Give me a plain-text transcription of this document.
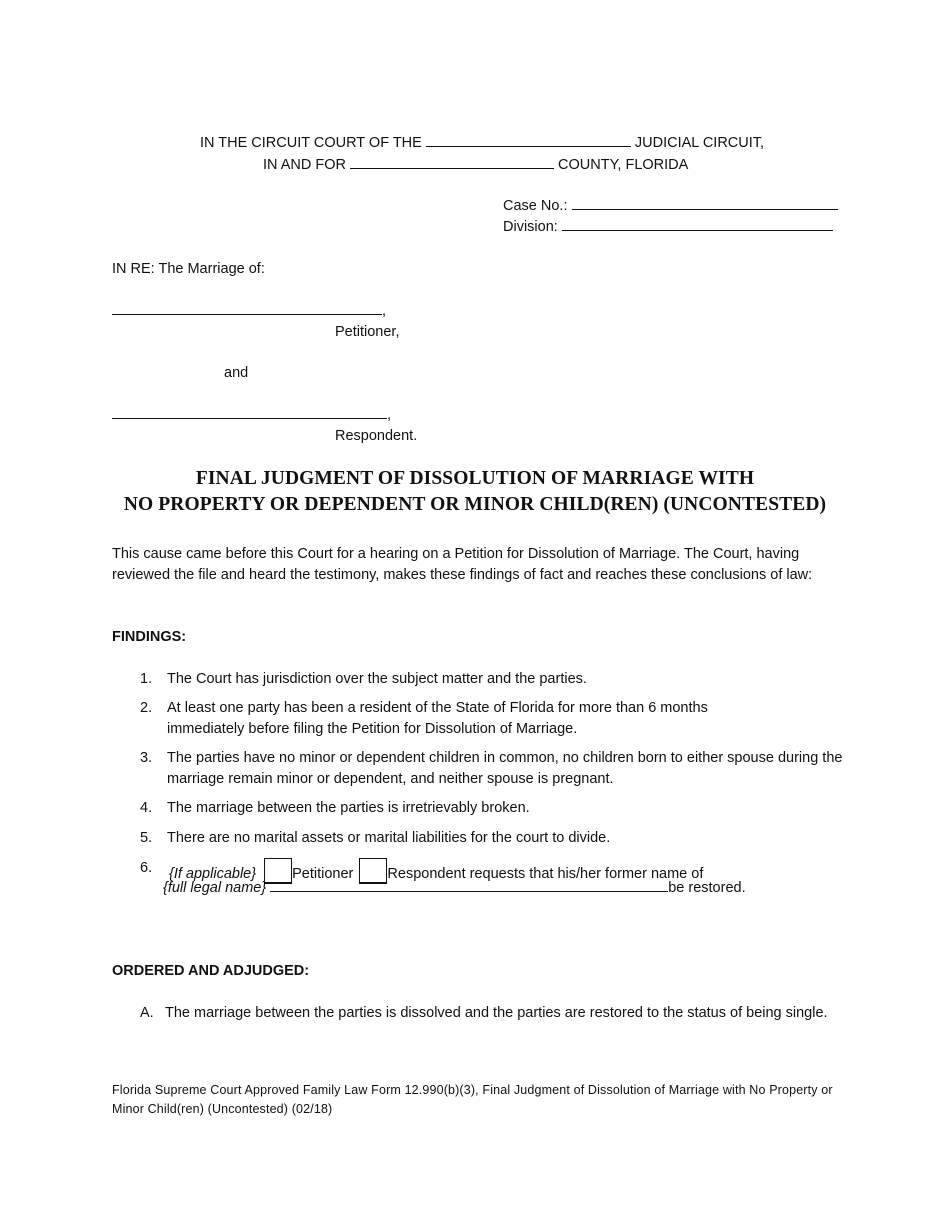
IN THE CIRCUIT COURT OF THE	JUDICIAL CIRCUIT,
IN AND FOR	COUNTY, FLORIDA
Case No.:
Division:
IN RE: The Marriage of:
,
Petitioner,
and
,
Respondent.
FINAL JUDGMENT OF DISSOLUTION OF MARRIAGE WITH
NO PROPERTY OR DEPENDENT OR MINOR CHILD(REN) (UNCONTESTED)
This cause came before this Court for a hearing on a Petition for Dissolution of Marriage. The Court, having reviewed the file and heard the testimony, makes these findings of fact and reaches these conclusions of law:
FINDINGS:
1. The Court has jurisdiction over the subject matter and the parties.
2. At least one party has been a resident of the State of Florida for more than 6 months immediately before filing the Petition for Dissolution of Marriage.
3. The parties have no minor or dependent children in common, no children born to either spouse during the marriage remain minor or dependent, and neither spouse is pregnant.
4. The marriage between the parties is irretrievably broken.
5. There are no marital assets or marital liabilities for the court to divide.
6. {If applicable} Petitioner Respondent requests that his/her former name of
{full legal name}	be restored.
ORDERED AND ADJUDGED:
A. The marriage between the parties is dissolved and the parties are restored to the status of being single.
Florida Supreme Court Approved Family Law Form 12.990(b)(3), Final Judgment of Dissolution of Marriage with No Property or Minor Child(ren) (Uncontested) (02/18)
